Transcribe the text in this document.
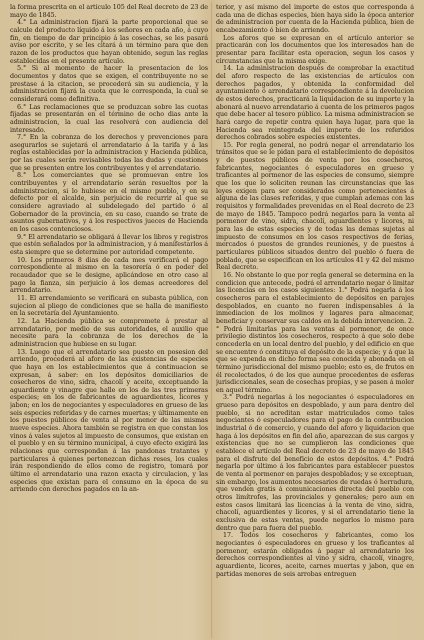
la forma prescrita en el artículo 105 del Real decreto de 23 de mayo de 1845.

4.° La administracion fijará la parte proporcional que se calcule del producto líquido á los señores en cada año, á cuyo fin, en tiempo de dar principio á las cosechas, se les pasará aviso por escrito, y se les citará á un término para que den razon de los productos que hayan obtenido, segun las reglas establecidas en el presente artículo.

5.° Si al momento de hacer la presentacion de los documentos y datos que se exigen, el contribuyente no se prestase á la citacion, se procederá sin su audiencia, y la administracion fijará la cuota que le corresponda, la cual se considerará como definitiva.

6.° Las reclamaciones que se produzcan sobre las cuotas fijadas se presentarán en el término de ocho dias ante la administracion, la cual las resolverá con audiencia del interesado.

7.° En la cobranza de los derechos y prevenciones para asegurarlos se sujetará el arrendatario á la tarifa y á las reglas establecidas por la administracion y Hacienda pública, por las cuales serán revisables todas las dudas y cuestiones que se presenten entre los contribuyentes y el arrendatario.

8.° Los comerciantes que se promuevan entre los contribuyentes y el arrendatario serán resueltos por la administracion, si lo hubiese en el mismo pueblo, y en su defecto por el alcalde, sin perjuicio de recurrir al que se considere agraviado al subdelegado del partido ó al Gobernador de la provincia, en su caso, cuando se trate de asuntos gubernativos, y á los respectivos jueces de Hacienda en los casos contenciosos.

9.° El arrendatario se obligará á llevar los libros y registros que estén señalados por la administracion, y á manifestarlos á esta siempre que se determine por autoridad competente.

10. Los primeros 8 dias de cada mes verificará el pago correspondiente al mismo en la tesorería ó en poder del recaudador que se le designe, aplicándose en otro caso al pago la fianza, sin perjuicio á los demas acreedores del arrendatario.

11. El arrendamiento se verificará en subasta pública, con sujecion al pliego de condiciones que se halla de manifiesto en la secretaría del Ayuntamiento.

12. La Hacienda pública se compromete á prestar al arrendatario, por medio de sus autoridades, el auxilio que necesite para la cobranza de los derechos de la administracion que hubiese en su lugar.

13. Luego que el arrendatario sea puesto en posesion del arriendo, procederá al aforo de las existencias de especies que haya en los establecimientos que á continuacion se expresan, á saber: en los depósitos domiciliarios de cosecheros de vino, sidra, chacolí y aceite, exceptuando la aguardiente y vinagre que halle en los de las tres primeras especies; en los de fabricantes de aguardientes, licores y jabon; en los de negociantes y especuladores en grueso de las seis especies referidas y de carnes muertas; y últimamente en los puestos públicos de venta al por menor de las mismas nueve especies. Ahora también se registra en que constan los vinos á vales sujetos al impuesto de consumos, que existan en el pueblo y en su término municipal, á cuyo efecto exigirá las relaciones que correspondan á las pandonas tratantes y particulares á quienes pertenezcan dichas reses, los cuales irán respondiendo de ellos como de registro, tomará por último el arrendatario una razon exacta y circulacion, y las especies que existan para el consumo en la época de su arriendo con derechos pagados en la an-

terior, y así mismo del importe de estos que corresponda á cada una de dichas especies, bien haya sido la época anterior de administracion por cuenta de la Hacienda pública, bien de encabezamiento ó bien de arriendo.

Los aforos que se expresan en el artículo anterior se practicarán con los documentos que los interesados han de presentar para facilitar esta operacion, segun los casos y circunstancias que la misma exige.

14. La administracion después de comprobar la exactitud del aforo respecto de las existencias de artículos con derechos pagados, y obtenida la conformidad del ayuntamiento ó arrendatario correspondiente á la devolucion de estos derechos, practicará la liquidacion de su importe y la abonará al nuevo arrendatario á cuenta de los primeros pagos que debe hacer al tesoro público. La misma administracion se hará cargo de repetir contra quien haya lugar, para que la Hacienda sea reintegrada del importe de los referidos derechos cobrados sobre especies existentes.

15. Por regla general, no podrá negar el arrendatario los tránsitos que se le pidan para el establecimiento de depósitos y de puestos públicos de venta por los cosecheros, fabricantes, negociantes ó especuladores en grueso y traficantes al pormenor de las especies de consumo, siempre que los que lo soliciten reunan las circunstancias que las leyes exigen para ser considerados como pertenecientes á alguna de las clases referidas, y que cumplan ademas con las requisitos y formalidades prevenidas en el Real decreto de 23 de mayo de 1845. Tampoco podrá negarlos para la venta al pormenor de vino, sidra, chacolí, aguardientes y licores, ni para las de estas especies y de todas las demas sujetas al impuesto de consumos en los casos respectivos de ferias, mercados ó puestos de grandes reuniones, y de puestos á particulares públicos situados dentro del pueblo ó fuera de poblado, que se especifican en los artículos 41 y 42 del mismo Real decreto.

16. No obstante lo que por regla general se determina en la condicion que antecede, podrá el arrendatario negar ó limitar las licencias en los casos siguientes: 1.° Podrá negarla á los cosecheros para el establecimiento de depósitos en parajes despoblados, en cuanto no fueren indispensables á la inmediacion de los molinos y lagares para almacenar, beneficiar y conservar sus caldos en la debida intervencion. 2.° Podrá limitarlas para las ventas al pormenor, de once privilegio distintos los cosecheros, respecto á que solo debe concederla en un local dentro del pueblo, y del edificio en que se encuentre ó constituya el depósito de la especie; y á que la que se expenda en dicho forma sea conocida y abonada en el término jurisdiccional del mismo pueblo; esto es, de frutos en él recolectados, ó de los que aunque procedentes de esferas jurisdiccionales, sean de cosechas propias, y se pasen á moler en aquel término.

3.° Podrá negarlas á los negociantes ó especuladores en grueso para depósitos en despoblado, y aun para dentro del pueblo, si no acreditan estar matriculados como tales negociantes ó especuladores para el pago de la contribucion industrial ó de comercio, y cuando del aforo y liquidacion que haga á los depósitos en fin del año, aparezcan de sus cargos y existencias que no se cumplieron las condiciones que establece el artículo del Real decreto de 23 de mayo de 1845 para el disfrute del beneficio de estos depósitos. 4.° Podrá negarla por último á los fabricantes para establecer puestos de venta al pormenor en parajes despoblados; y se exceptuan, sin embargo, los aumentos necesarios de ruedas ó herradura, que venden gratis á comunicaciones directa del pueblo con otros limítrofes, las provinciales y generales; pero aun en estos casos limitará las licencias á la venta de vino, sidra, chacolí, aguardientes y licores, y si el arrendatario tiene la exclusiva de estas ventas, puede negarlos lo mismo para dentro que para fuera del pueblo.

17. Todos los cosecheros y fabricantes, como los negociantes ó especuladores en grueso y los traficantes al pormenor, estarán obligados á pagar al arrendatario los derechos correspondientes al vino y sidra, chacolí, vinagre, aguardiente, licores, aceite, carnes muertas y jabon, que en partidas menores de seis arrobas entreguen
